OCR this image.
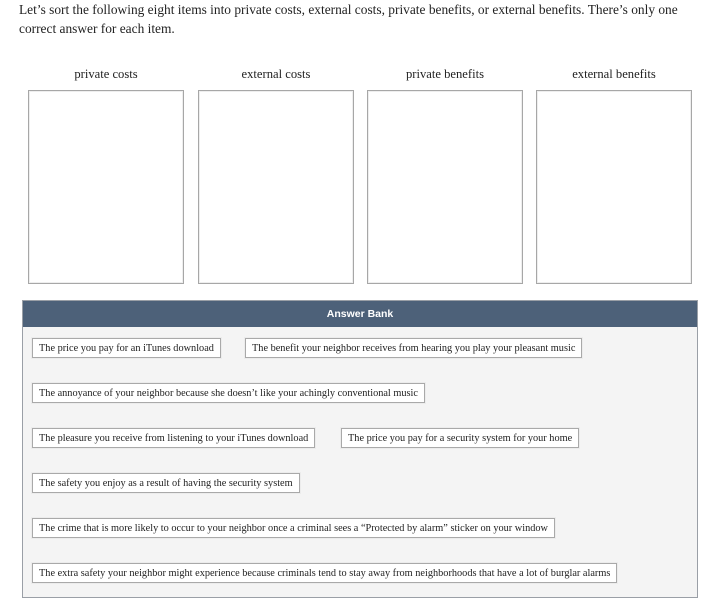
Let’s sort the following eight items into private costs, external costs, private benefits, or external benefits. There’s only one correct answer for each item.
private costs	external costs	private benefits	external benefits
Answer Bank
The price you pay for an iTunes download	The benefit your neighbor receives from hearing you play your pleasant music
The annoyance of your neighbor because she doesn’t like your achingly conventional music
The pleasure you receive from listening to your iTunes download	The price you pay for a security system for your home
The safety you enjoy as a result of having the security system
The crime that is more likely to occur to your neighbor once a criminal sees a “Protected by alarm” sticker on your window
The extra safety your neighbor might experience because criminals tend to stay away from neighborhoods that have a lot of burglar alarms
